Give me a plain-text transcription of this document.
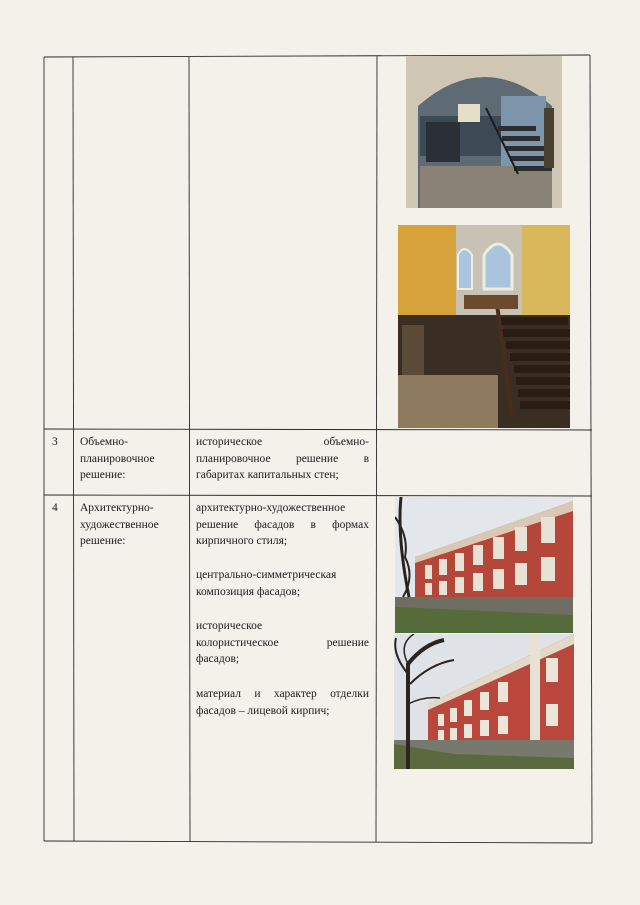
3 Объемно-
планировочное
решение:
историческое объемно-
планировочное решение в
габаритах капитальных стен;
4 Архитектурно-
художественное
решение:
архитектурно-художественное
решение фасадов в формах
кирпичного стиля;
центрально-симметрическая
композиция фасадов;
историческое
колористическое решение
фасадов;
материал и характер отделки
фасадов – лицевой кирпич;
